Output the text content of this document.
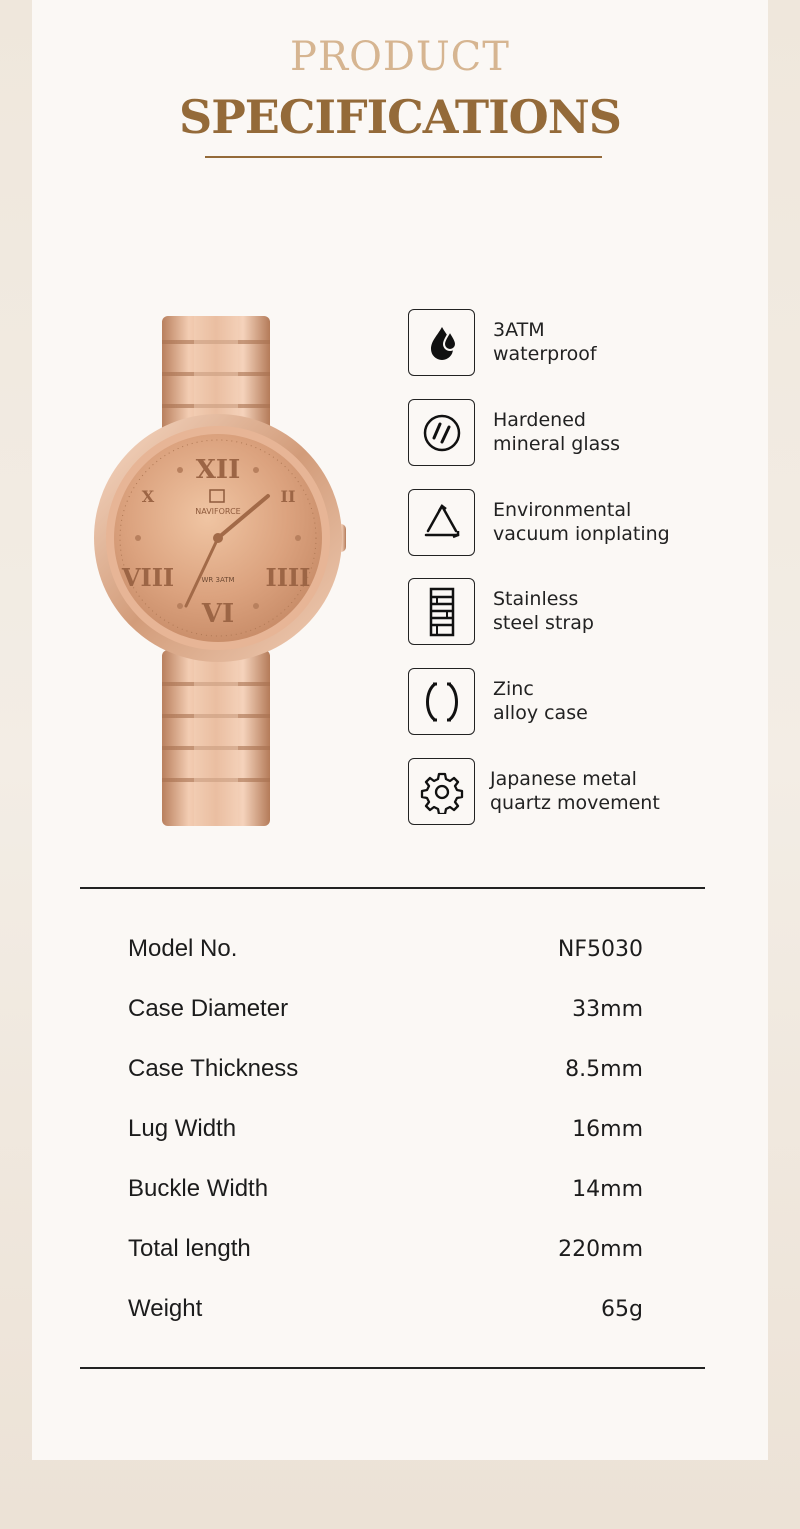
PRODUCT
SPECIFICATIONS
XII
VI
X	II
VIII	IIII
NAVIFORCE
WR 3ATM
3ATM
waterproof
Hardened
mineral glass
Environmental
vacuum ionplating
Stainless
steel strap
Zinc
alloy case
Japanese metal
quartz movement
Model No.	NF5030
Case Diameter	33mm
Case Thickness	8.5mm
Lug Width	16mm
Buckle Width	14mm
Total length	220mm
Weight	65g
